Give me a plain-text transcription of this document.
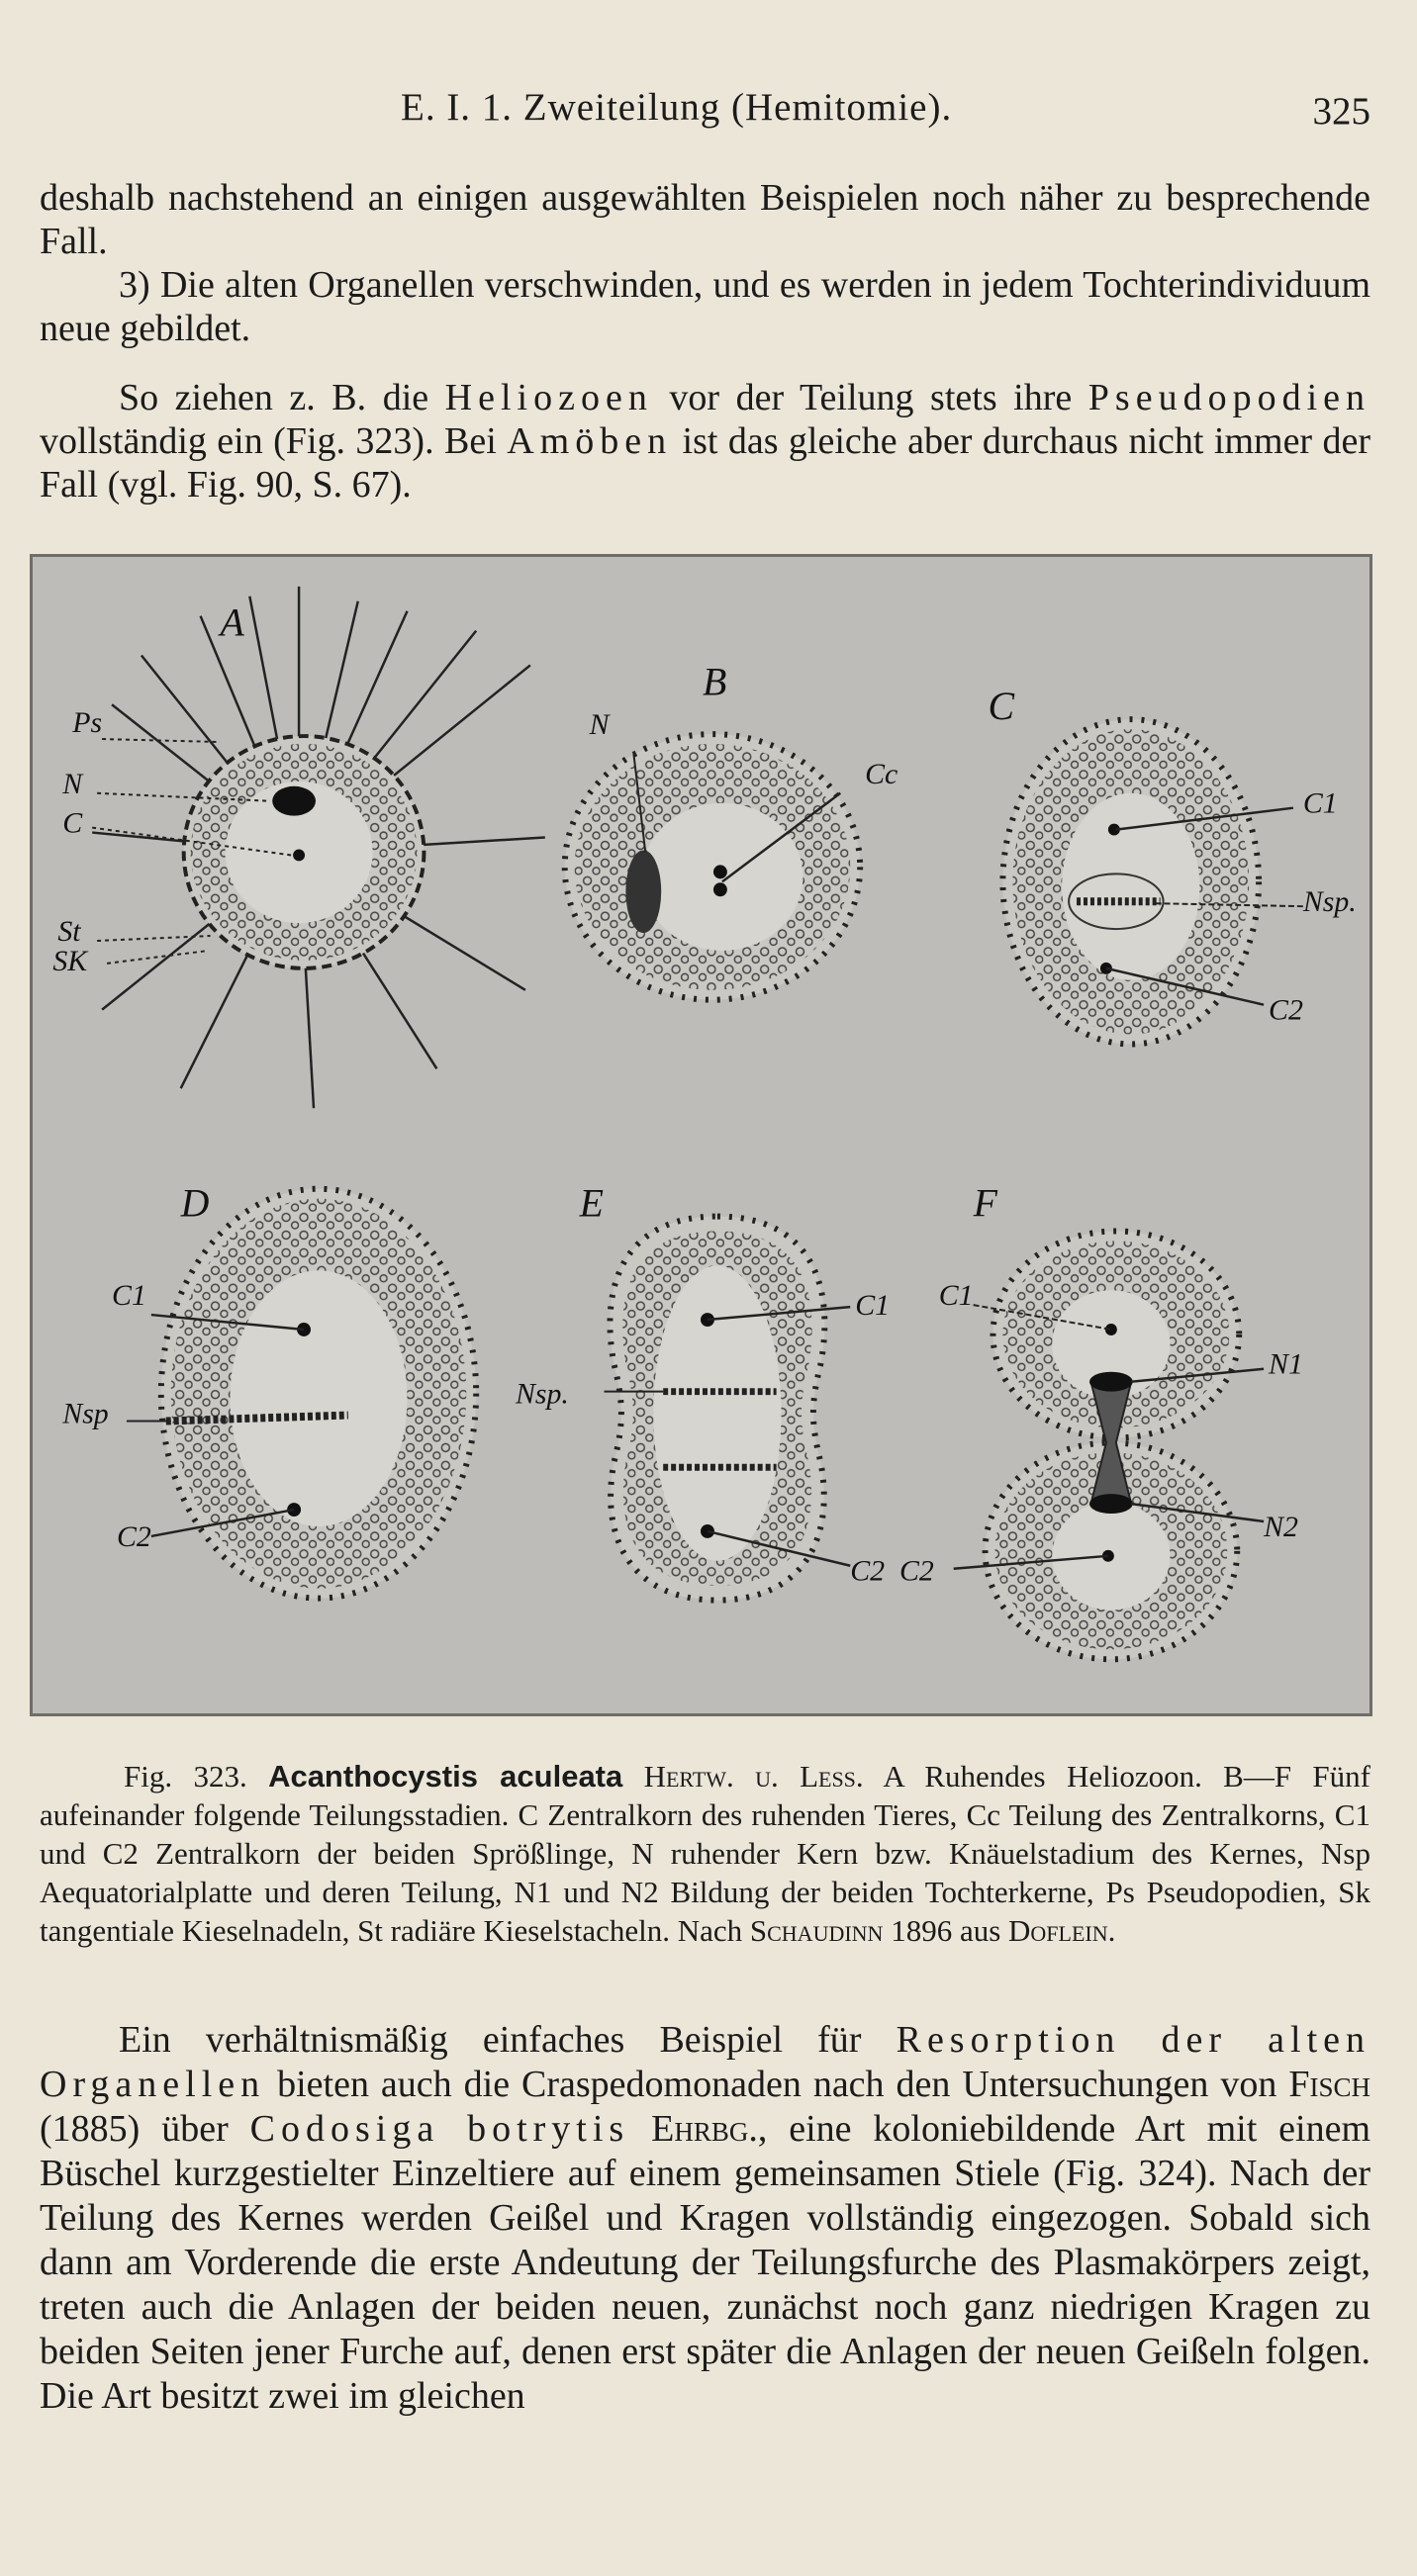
E. I. 1. Zweiteilung (Hemitomie).	325
deshalb nachstehend an einigen ausgewählten Beispielen noch näher zu besprechende Fall.
3) Die alten Organellen verschwinden, und es werden in jedem Tochterindividuum neue gebildet.
So ziehen z. B. die Heliozoen vor der Teilung stets ihre Pseudopodien vollständig ein (Fig. 323). Bei Amöben ist das gleiche aber durchaus nicht immer der Fall (vgl. Fig. 90, S. 67).
A
Ps
N
C
St
SK
B
N
Cc
C
C1
Nsp.
C2
D
C1
Nsp
C2
E
C1
Nsp.
C2
F
C1
N1
N2
C2
Fig. 323. Acanthocystis aculeata Hertw. u. Less. A Ruhendes Heliozoon. B—F Fünf aufeinander folgende Teilungsstadien. C Zentralkorn des ruhenden Tieres, Cc Teilung des Zentralkorns, C1 und C2 Zentralkorn der beiden Sprößlinge, N ruhender Kern bzw. Knäuelstadium des Kernes, Nsp Aequatorialplatte und deren Teilung, N1 und N2 Bildung der beiden Tochterkerne, Ps Pseudopodien, Sk tangentiale Kieselnadeln, St radiäre Kieselstacheln. Nach Schaudinn 1896 aus Doflein.
Ein verhältnismäßig einfaches Beispiel für Resorption der alten Organellen bieten auch die Craspedomonaden nach den Untersuchungen von Fisch (1885) über Codosiga botrytis Ehrbg., eine koloniebildende Art mit einem Büschel kurzgestielter Einzeltiere auf einem gemeinsamen Stiele (Fig. 324). Nach der Teilung des Kernes werden Geißel und Kragen vollständig eingezogen. Sobald sich dann am Vorderende die erste Andeutung der Teilungsfurche des Plasmakörpers zeigt, treten auch die Anlagen der beiden neuen, zunächst noch ganz niedrigen Kragen zu beiden Seiten jener Furche auf, denen erst später die Anlagen der neuen Geißeln folgen. Die Art besitzt zwei im gleichen
